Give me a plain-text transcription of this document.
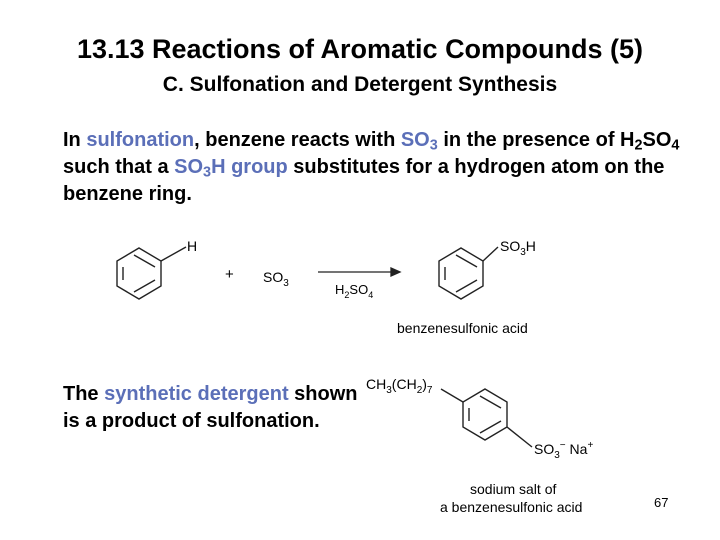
13.13 Reactions of Aromatic Compounds (5)
C. Sulfonation and Detergent Synthesis
In sulfonation, benzene reacts with $SO_3$ in the presence of $H_2SO_4$ such that a $SO_3H$ group substitutes for a hydrogen atom on the benzene ring.
The synthetic detergent shown is a product of sulfonation.
H
+ $SO_3$	$H_2SO_4$
$SO_3H$
benzenesulfonic acid
$CH_3(CH_2)_7$
$SO_3^-$ Na+
sodium salt of
a benzenesulfonic acid	67
